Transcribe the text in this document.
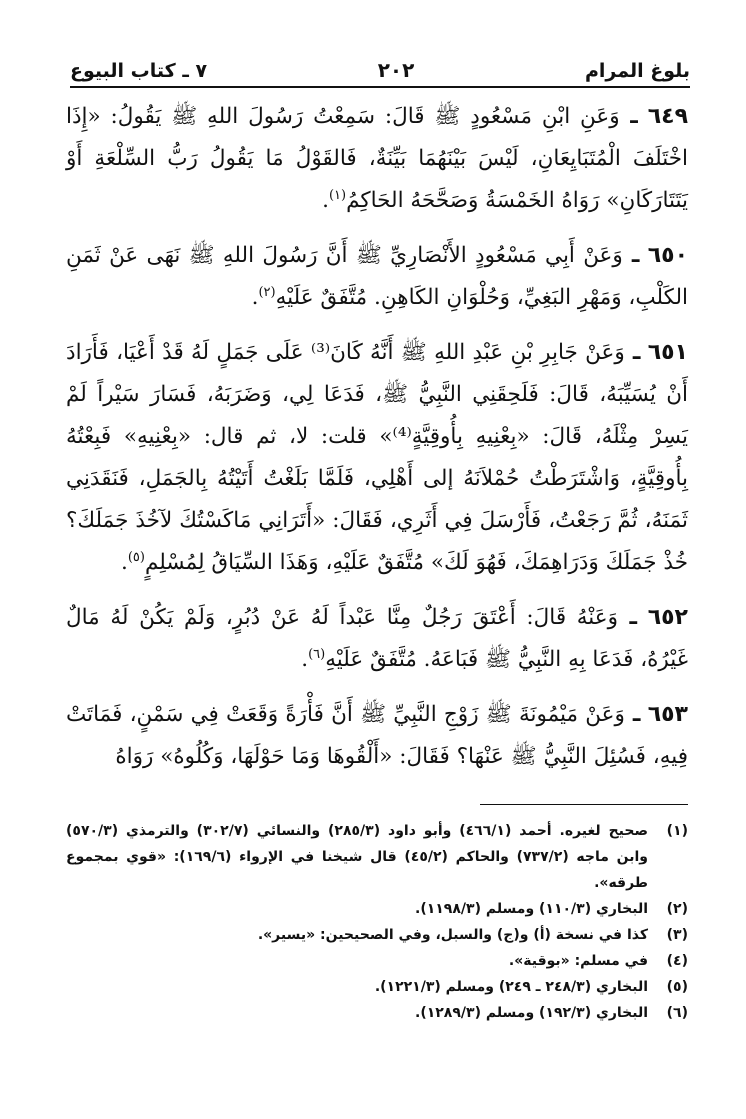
بلوغ المرام
٢٠٢
٧ ـ كتاب البيوع

٦٤٩ ـ وَعَنِ ابْنِ مَسْعُودٍ ﷺ قَالَ: سَمِعْتُ رَسُولَ اللهِ ﷺ يَقُولُ: «إِذَا اخْتَلَفَ الْمُتَبَايِعَانِ، لَيْسَ بَيْنَهُمَا بَيِّنَةٌ، فَالقَوْلُ مَا يَقُولُ رَبُّ السِّلْعَةِ أَوْ يَتَتَارَكَانِ» رَوَاهُ الخَمْسَةُ وَصَحَّحَهُ الحَاكِمُ$^{(١)}$.

٦٥٠ ـ وَعَنْ أَبِي مَسْعُودٍ الأَنْصَارِيِّ ﷺ أَنَّ رَسُولَ اللهِ ﷺ نَهَى عَنْ ثَمَنِ الكَلْبِ، وَمَهْرِ البَغِيِّ، وَحُلْوَانِ الكَاهِنِ. مُتَّفَقٌ عَلَيْهِ$^{(٢)}$.

٦٥١ ـ وَعَنْ جَابِرِ بْنِ عَبْدِ اللهِ ﷺ أَنَّهُ كَانَ⁽³⁾ عَلَى جَمَلٍ لَهُ قَدْ أَعْيَا، فَأَرَادَ أَنْ يُسَيِّبَهُ، قَالَ: فَلَحِقَنِي النَّبِيُّ ﷺ، فَدَعَا لِي، وَضَرَبَهُ، فَسَارَ سَيْراً لَمْ يَسِرْ مِثْلَهُ، قَالَ: «بِعْنِيهِ بِأُوقِيَّةٍ⁽⁴⁾» قلت: لا، ثم قال: «بِعْنِيهِ» فَبِعْتُهُ بِأُوقِيَّةٍ، وَاشْتَرَطْتُ حُمْلاَنَهُ إلى أَهْلِي، فَلَمَّا بَلَغْتُ أَتَيْتُهُ بِالجَمَلِ، فَنَقَدَنِي ثَمَنَهُ، ثُمَّ رَجَعْتُ، فَأَرْسَلَ فِي أَثَرِي، فَقَالَ: «أَتَرَانِي مَاكَسْتُكَ لآخُذَ جَمَلَكَ؟ خُذْ جَمَلَكَ وَدَرَاهِمَكَ، فَهُوَ لَكَ» مُتَّفَقٌ عَلَيْهِ، وَهَذَا السِّيَاقُ لِمُسْلِمٍ$^{(٥)}$.

٦٥٢ ـ وَعَنْهُ قَالَ: أَعْتَقَ رَجُلٌ مِنَّا عَبْداً لَهُ عَنْ دُبُرٍ، وَلَمْ يَكُنْ لَهُ مَالٌ غَيْرُهُ، فَدَعَا بِهِ النَّبِيُّ ﷺ فَبَاعَهُ. مُتَّفَقٌ عَلَيْهِ$^{(٦)}$.

٦٥٣ ـ وَعَنْ مَيْمُونَةَ ﷺ زَوْجِ النَّبِيِّ ﷺ أَنَّ فَأْرَةً وَقَعَتْ فِي سَمْنٍ، فَمَاتَتْ فِيهِ، فَسُئِلَ النَّبِيُّ ﷺ عَنْهَا؟ فَقَالَ: «أَلْقُوهَا وَمَا حَوْلَهَا، وَكُلُوهُ» رَوَاهُ

(١)
صحيح لغيره. أحمد (٤٦٦/١) وأبو داود (٢٨٥/٣) والنسائي (٣٠٢/٧) والترمذي (٥٧٠/٣) وابن ماجه (٧٣٧/٢) والحاكم (٤٥/٢) قال شيخنا في الإرواء (١٦٩/٦): «قوي بمجموع طرقه».
(٢)
البخاري (١١٠/٣) ومسلم (١١٩٨/٣).
(٣)
كذا في نسخة (أ) و(ج) والسبل، وفي الصحيحين: «يسير».
(٤)
في مسلم: «بوقية».
(٥)
البخاري (٢٤٨/٣ ـ ٢٤٩) ومسلم (١٢٢١/٣).
(٦)
البخاري (١٩٢/٣) ومسلم (١٢٨٩/٣).
